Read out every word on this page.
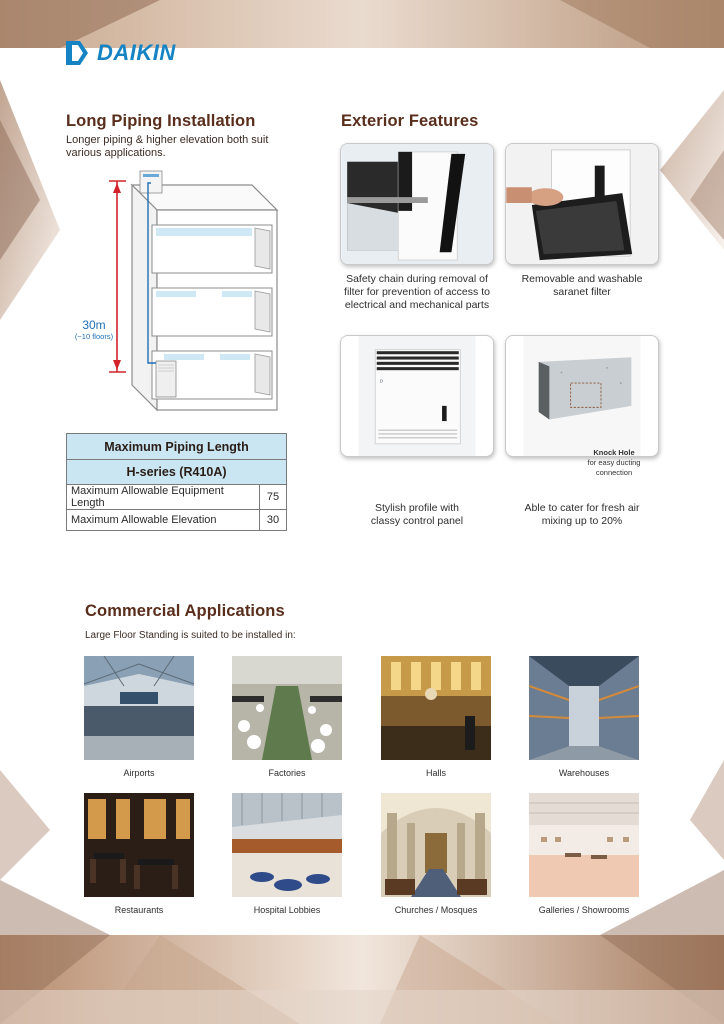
DAIKIN
Long Piping Installation
Longer piping & higher elevation both suit
various applications.
30m
(~10 floors)
Maximum Piping Length	
H-series (R410A)	
Maximum Allowable Equipment Length	75
Maximum Allowable Elevation	30
Exterior Features
Safety chain during removal of
filter for prevention of access to
electrical and mechanical parts
Removable and washable
saranet filter
D
Stylish profile with
classy control panel
Knock Hole
for easy ducting
connection
Able to cater for fresh air
mixing up to 20%
Commercial Applications
Large Floor Standing is suited to be installed in:
Airports	Factories	Halls	Warehouses
Restaurants	Hospital Lobbies	Churches / Mosques	Galleries / Showrooms
